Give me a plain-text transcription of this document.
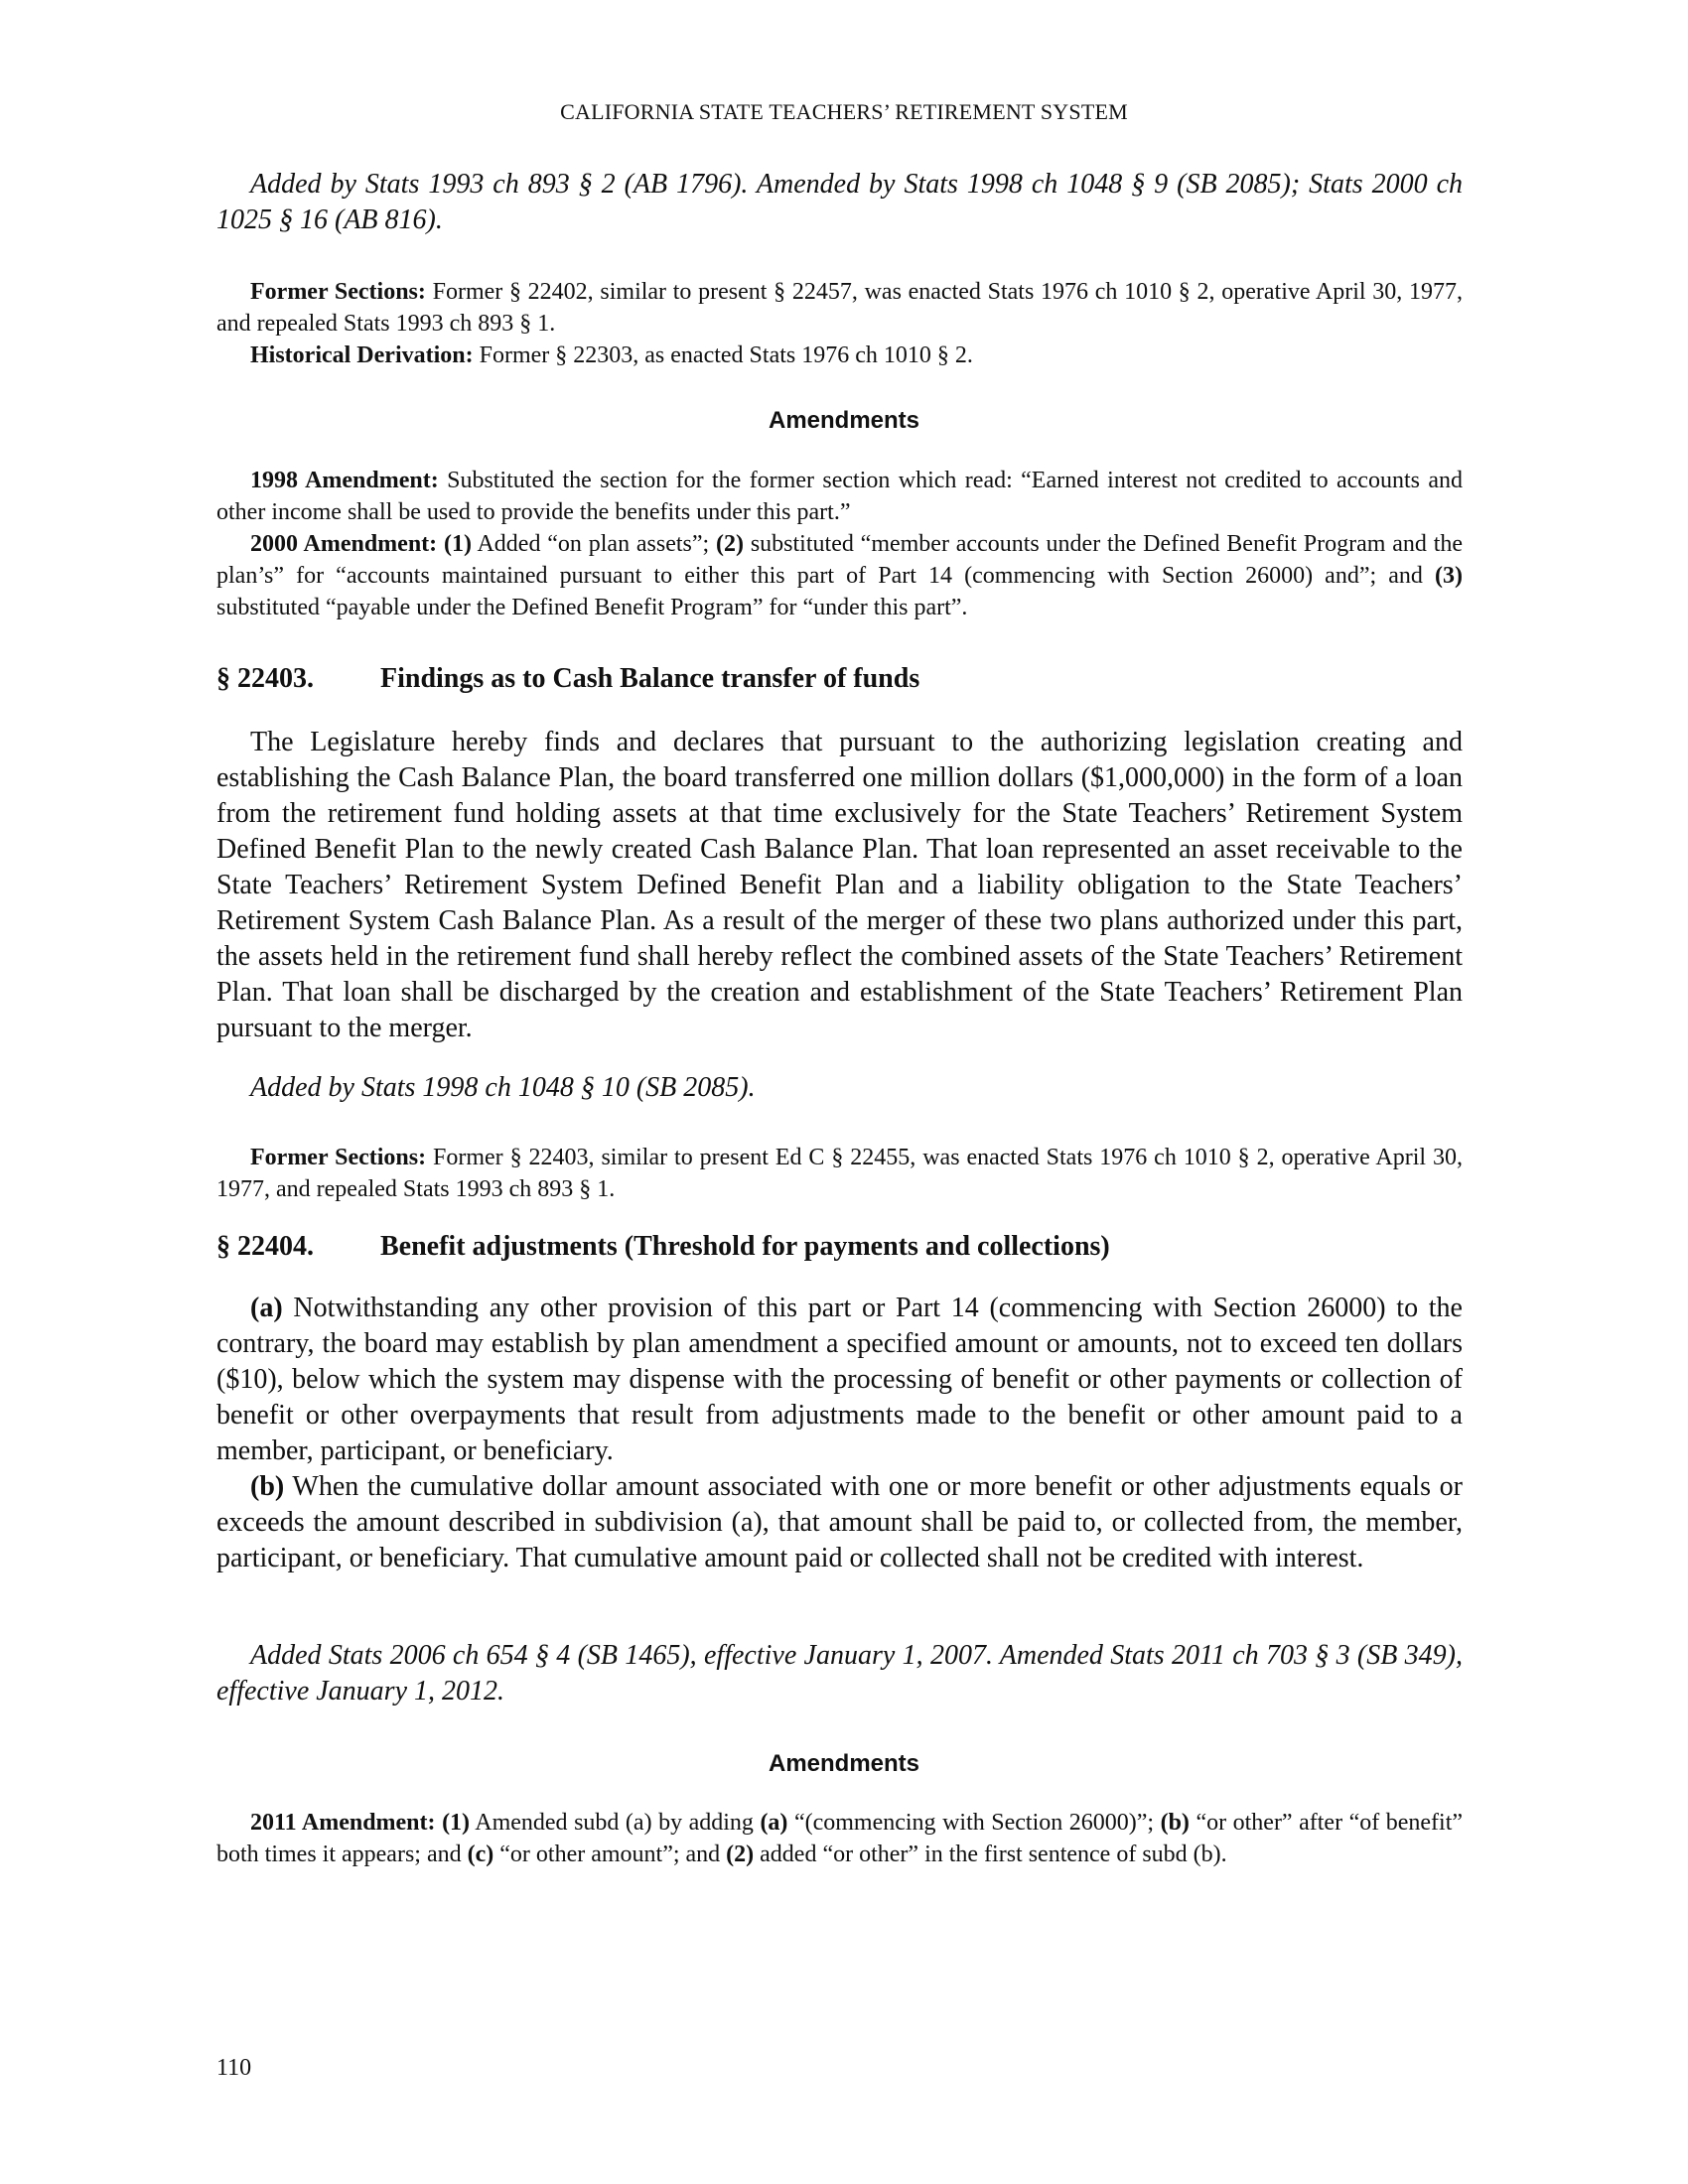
CALIFORNIA STATE TEACHERS’ RETIREMENT SYSTEM

Added by Stats 1993 ch 893 § 2 (AB 1796). Amended by Stats 1998 ch 1048 § 9 (SB 2085); Stats 2000 ch 1025 § 16 (AB 816).

Former Sections: Former § 22402, similar to present § 22457, was enacted Stats 1976 ch 1010 § 2, operative April 30, 1977, and repealed Stats 1993 ch 893 § 1.

Historical Derivation: Former § 22303, as enacted Stats 1976 ch 1010 § 2.

Amendments

1998 Amendment: Substituted the section for the former section which read: “Earned interest not credited to accounts and other income shall be used to provide the benefits under this part.”

2000 Amendment: (1) Added “on plan assets”; (2) substituted “member accounts under the Defined Benefit Program and the plan’s” for “accounts maintained pursuant to either this part of Part 14 (commencing with Section 26000) and”; and (3) substituted “payable under the Defined Benefit Program” for “under this part”.

§ 22403. Findings as to Cash Balance transfer of funds

The Legislature hereby finds and declares that pursuant to the authorizing legislation creating and establishing the Cash Balance Plan, the board transferred one million dollars ($1,000,000) in the form of a loan from the retirement fund holding assets at that time exclusively for the State Teachers’ Retirement System Defined Benefit Plan to the newly created Cash Balance Plan. That loan represented an asset receivable to the State Teachers’ Retirement System Defined Benefit Plan and a liability obligation to the State Teachers’ Retirement System Cash Balance Plan. As a result of the merger of these two plans authorized under this part, the assets held in the retirement fund shall hereby reflect the combined assets of the State Teachers’ Retirement Plan. That loan shall be discharged by the creation and establishment of the State Teachers’ Retirement Plan pursuant to the merger.

Added by Stats 1998 ch 1048 § 10 (SB 2085).

Former Sections: Former § 22403, similar to present Ed C § 22455, was enacted Stats 1976 ch 1010 § 2, operative April 30, 1977, and repealed Stats 1993 ch 893 § 1.

§ 22404. Benefit adjustments (Threshold for payments and collections)

(a) Notwithstanding any other provision of this part or Part 14 (commencing with Section 26000) to the contrary, the board may establish by plan amendment a specified amount or amounts, not to exceed ten dollars ($10), below which the system may dispense with the processing of benefit or other payments or collection of benefit or other overpayments that result from adjustments made to the benefit or other amount paid to a member, participant, or beneficiary.

(b) When the cumulative dollar amount associated with one or more benefit or other adjustments equals or exceeds the amount described in subdivision (a), that amount shall be paid to, or collected from, the member, participant, or beneficiary. That cumulative amount paid or collected shall not be credited with interest.

Added Stats 2006 ch 654 § 4 (SB 1465), effective January 1, 2007. Amended Stats 2011 ch 703 § 3 (SB 349), effective January 1, 2012.

Amendments

2011 Amendment: (1) Amended subd (a) by adding (a) “(commencing with Section 26000)”; (b) “or other” after “of benefit” both times it appears; and (c) “or other amount”; and (2) added “or other” in the first sentence of subd (b).

110
